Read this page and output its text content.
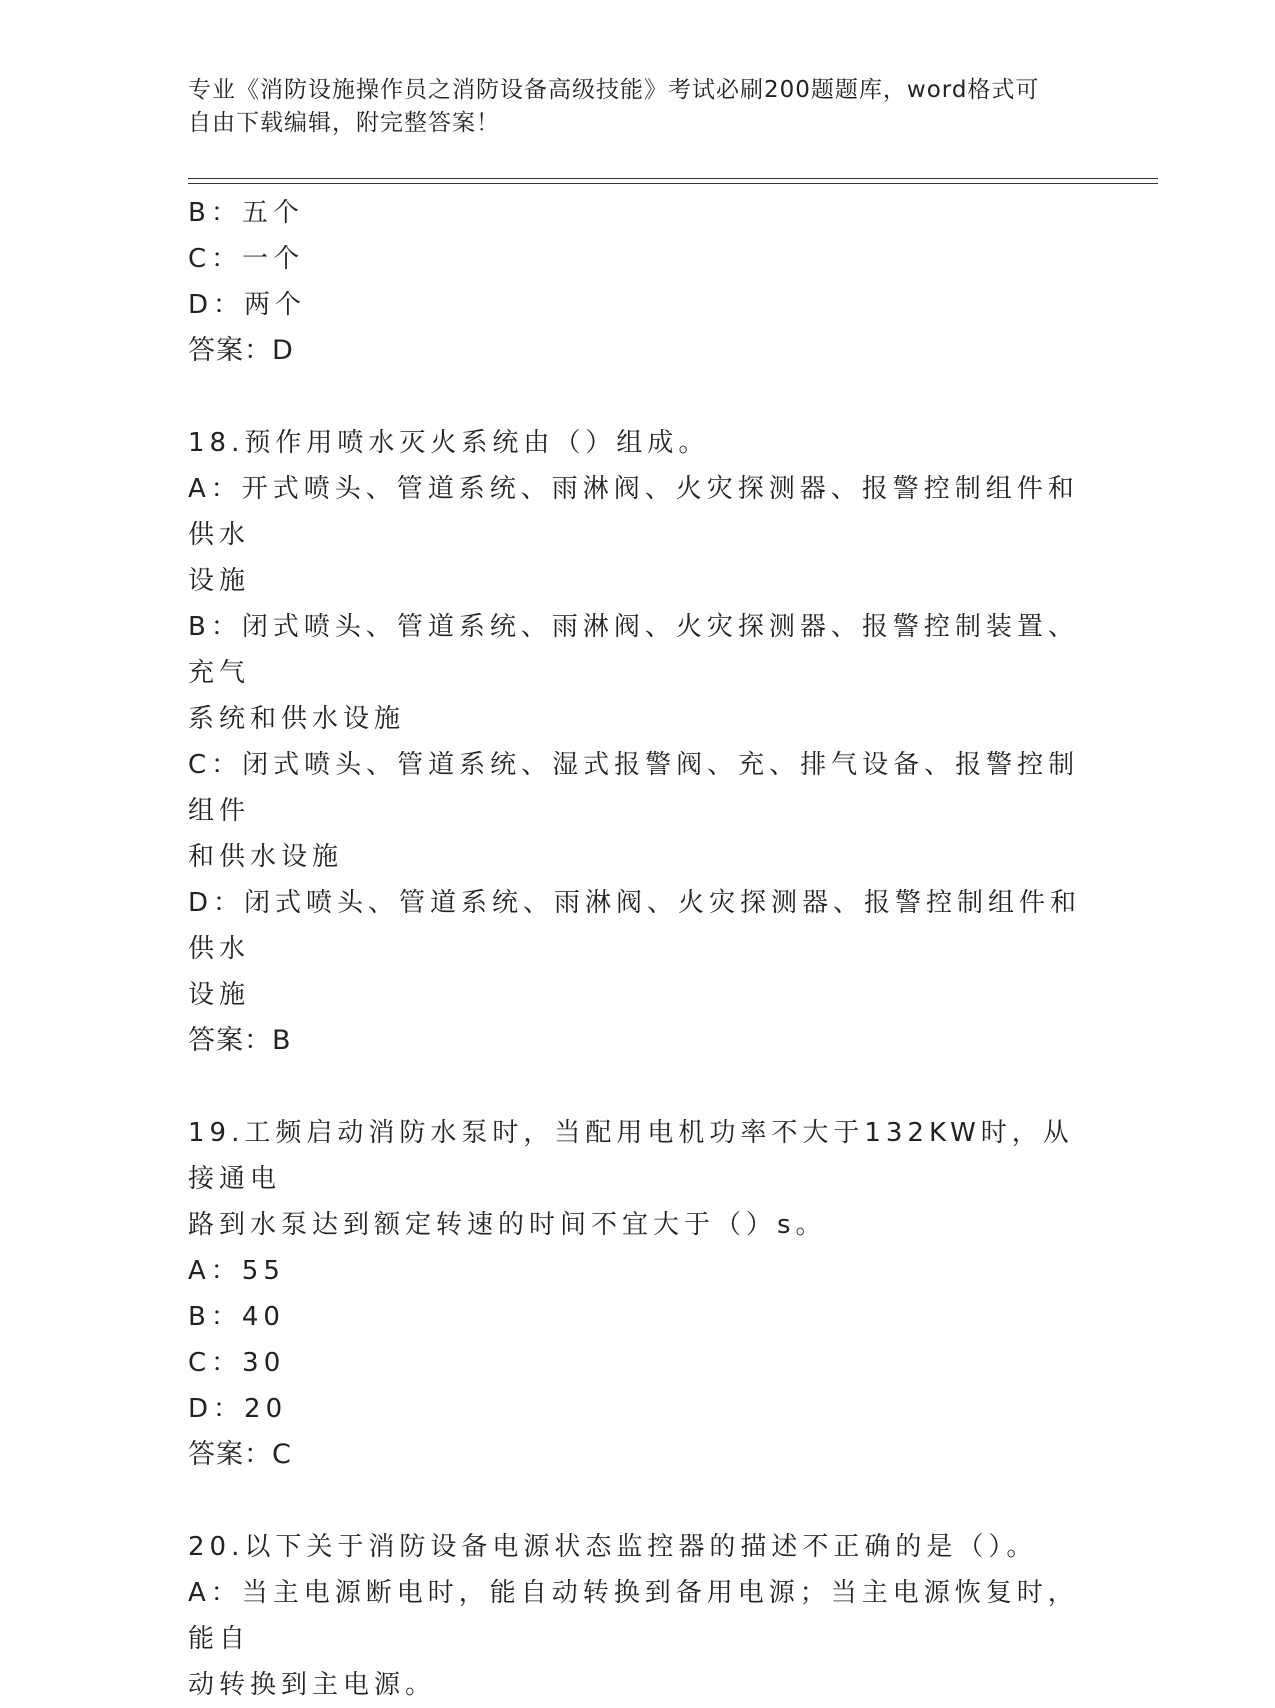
专业《消防设施操作员之消防设备高级技能》考试必刷200题题库，word格式可
自由下载编辑，附完整答案！

B：五个

C：一个

D：两个

答案：D

18.预作用喷水灭火系统由（）组成。

A：开式喷头、管道系统、雨淋阀、火灾探测器、报警控制组件和供水

设施

B：闭式喷头、管道系统、雨淋阀、火灾探测器、报警控制装置、充气

系统和供水设施

C：闭式喷头、管道系统、湿式报警阀、充、排气设备、报警控制组件

和供水设施

D：闭式喷头、管道系统、雨淋阀、火灾探测器、报警控制组件和供水

设施

答案：B

19.工频启动消防水泵时，当配用电机功率不大于132KW时，从接通电

路到水泵达到额定转速的时间不宜大于（）s。

A：55

B：40

C：30

D：20

答案：C

20.以下关于消防设备电源状态监控器的描述不正确的是（）。

A：当主电源断电时，能自动转换到备用电源；当主电源恢复时，能自

动转换到主电源。
